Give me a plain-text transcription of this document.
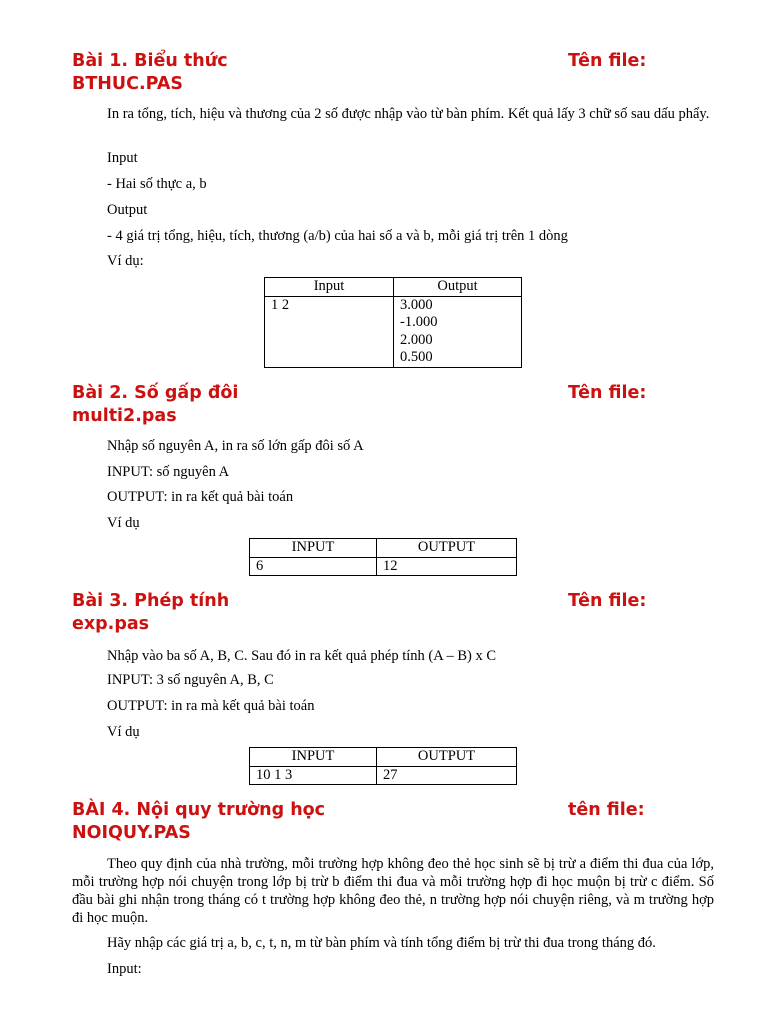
Bài 1. Biểu thức	Tên file:
BTHUC.PAS
In ra tổng, tích, hiệu và thương của 2 số được nhập vào từ bàn phím. Kết quả lấy 3 chữ số sau dấu phẩy.
Input
- Hai số thực a, b
Output
- 4 giá trị tổng, hiệu, tích, thương (a/b) của hai số a và b, mỗi giá trị trên 1 dòng
Ví dụ:
Input	Output
1 2	3.000
-1.000
2.000
0.500
Bài 2. Số gấp đôi	Tên file:
multi2.pas
Nhập số nguyên A, in ra số lớn gấp đôi số A
INPUT: số nguyên A
OUTPUT: in ra kết quả bài toán
Ví dụ
INPUT	OUTPUT
6	12
Bài 3. Phép tính	Tên file:
exp.pas
Nhập vào ba số A, B, C. Sau đó in ra kết quả phép tính (A – B) x C
INPUT: 3 số nguyên A, B, C
OUTPUT: in ra mà kết quả bài toán
Ví dụ
INPUT	OUTPUT
10 1 3	27
BÀI 4. Nội quy trường học	tên file:
NOIQUY.PAS
Theo quy định của nhà trường, mỗi trường hợp không đeo thẻ học sinh sẽ bị trừ a điểm thi đua của lớp, mỗi trường hợp nói chuyện trong lớp bị trừ b điểm thi đua và mỗi trường hợp đi học muộn bị trừ c điểm. Số đầu bài ghi nhận trong tháng có t trường hợp không đeo thẻ, n trường hợp nói chuyện riêng, và m trường hợp đi học muộn.
Hãy nhập các giá trị a, b, c, t, n, m từ bàn phím và tính tổng điểm bị trừ thi đua trong tháng đó.
Input:
